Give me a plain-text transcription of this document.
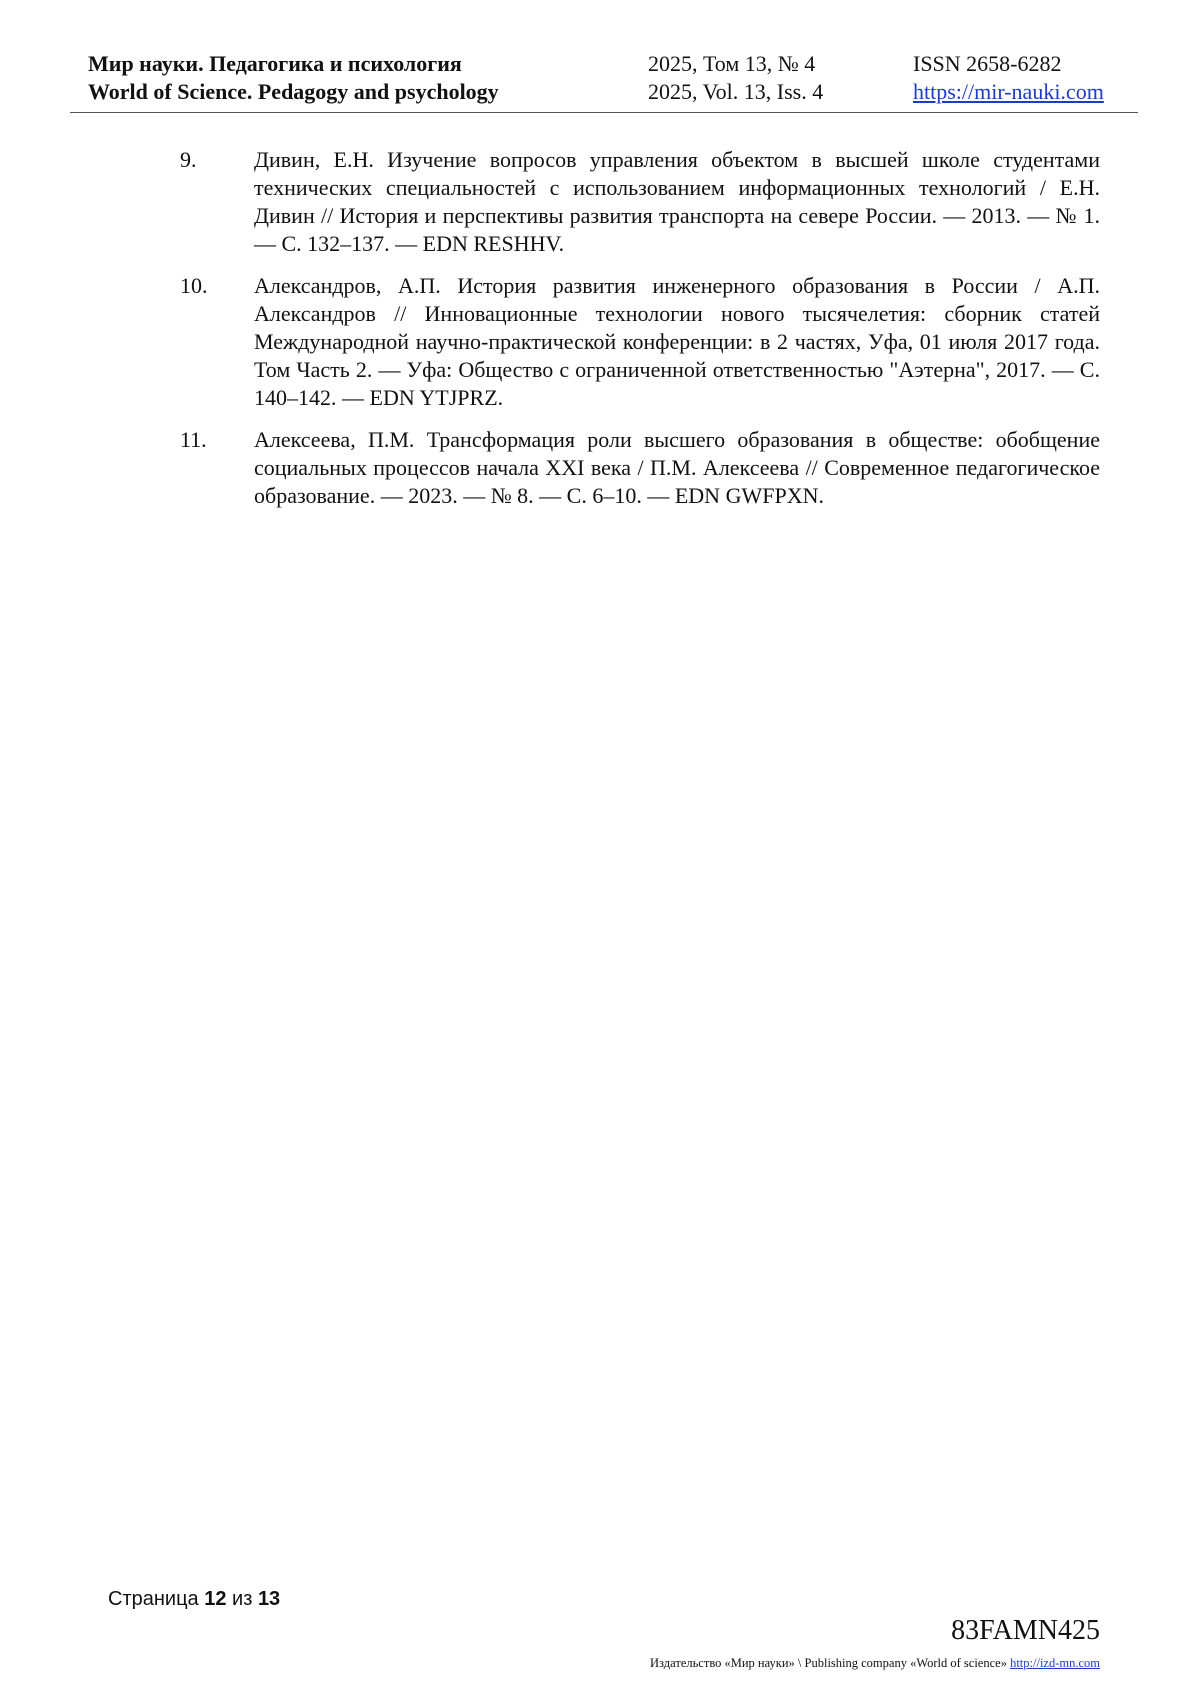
Мир науки. Педагогика и психология
World of Science. Pedagogy and psychology
2025, Том 13, № 4
2025, Vol. 13, Iss. 4
ISSN 2658-6282
https://mir-nauki.com
9.	Дивин, Е.Н. Изучение вопросов управления объектом в высшей школе студентами технических специальностей с использованием информационных технологий / Е.Н. Дивин // История и перспективы развития транспорта на севере России. — 2013. — № 1. — С. 132–137. — EDN RESHHV.
10.	Александров, А.П. История развития инженерного образования в России / А.П. Александров // Инновационные технологии нового тысячелетия: сборник статей Международной научно-практической конференции: в 2 частях, Уфа, 01 июля 2017 года. Том Часть 2. — Уфа: Общество с ограниченной ответственностью "Аэтерна", 2017. — С. 140–142. — EDN YTJPRZ.
11.	Алексеева, П.М. Трансформация роли высшего образования в обществе: обобщение социальных процессов начала XXI века / П.М. Алексеева // Современное педагогическое образование. — 2023. — № 8. — С. 6–10. — EDN GWFPXN.
Страница 12 из 13
83FAMN425
Издательство «Мир науки» \ Publishing company «World of science» http://izd-mn.com
